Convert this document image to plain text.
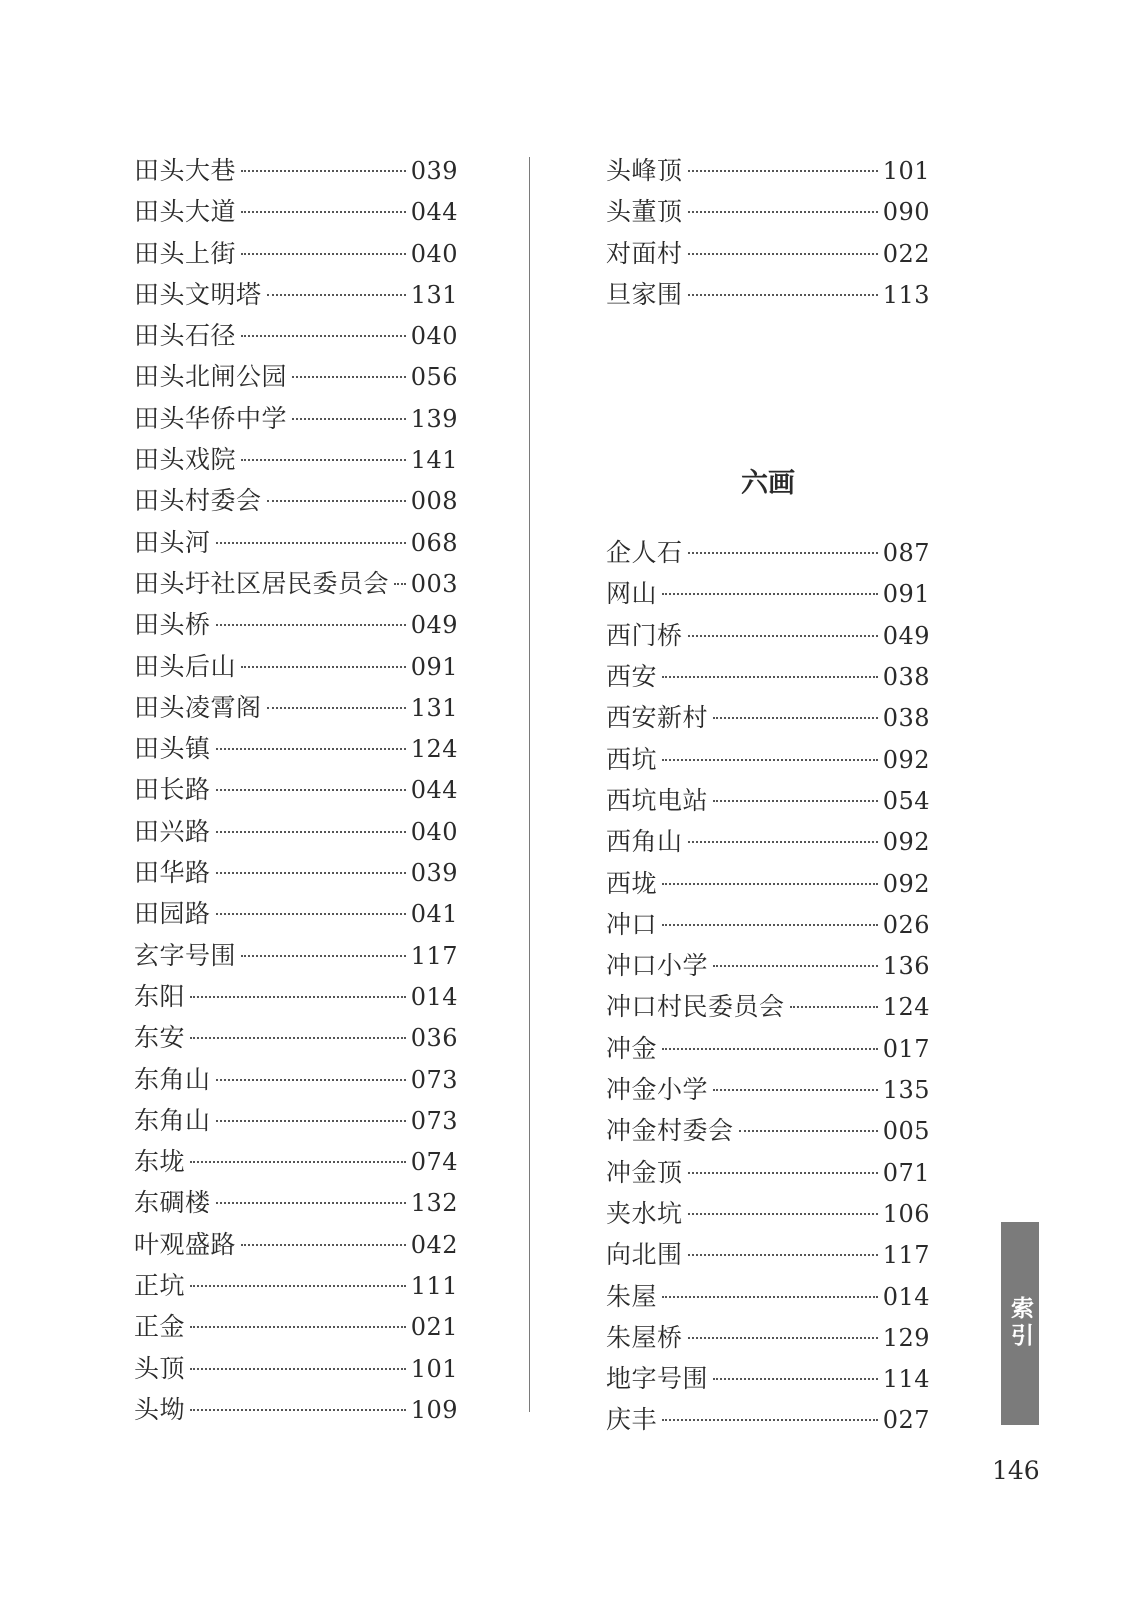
田头大巷	039
田头大道	044
田头上街	040
田头文明塔	131
田头石径	040
田头北闸公园	056
田头华侨中学	139
田头戏院	141
田头村委会	008
田头河	068
田头圩社区居民委员会 003
田头桥	049
田头后山	091
田头凌霄阁	131
田头镇	124
田长路	044
田兴路	040
田华路	039
田园路	041
玄字号围	117
东阳	014
东安	036
东角山	073
东角山	073
东垅	074
东碉楼	132
叶观盛路	042
正坑	111
正金	021
头顶	101
头坳	109
头峰顶	101
头董顶	090
对面村	022
旦家围	113
六画
企人石	087
网山	091
西门桥	049
西安	038
西安新村	038
西坑	092
西坑电站	054
西角山	092
西垅	092
冲口	026
冲口小学	136
冲口村民委员会	124
冲金	017
冲金小学	135
冲金村委会	005
冲金顶	071
夹水坑	106
向北围	117
朱屋	014
朱屋桥	129
地字号围	114
庆丰	027
索引
146
